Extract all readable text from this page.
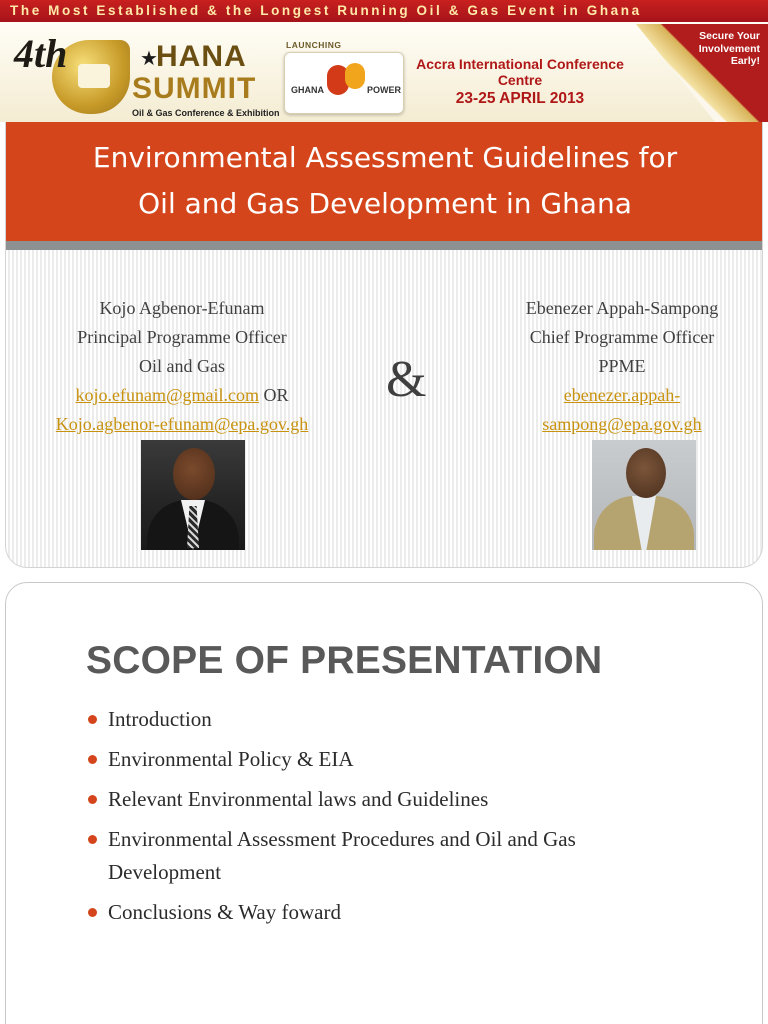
The Most Established & the Longest Running Oil & Gas Event in Ghana
4th	★
HANA
SUMMIT
Oil & Gas Conference & Exhibition
LAUNCHING
GHANA	POWER
Accra International Conference Centre
23-25 APRIL 2013
Secure Your
Involvement
Early!
Environmental Assessment Guidelines for
Oil and Gas Development in Ghana
Kojo Agbenor-Efunam
Principal Programme Officer
Oil and Gas
kojo.efunam@gmail.com OR
Kojo.agbenor-efunam@epa.gov.gh
&
Ebenezer Appah-Sampong
Chief Programme Officer
PPME
ebenezer.appah-
sampong@epa.gov.gh
SCOPE OF PRESENTATION
Introduction
Environmental Policy & EIA
Relevant Environmental laws and Guidelines
Environmental Assessment Procedures and Oil and Gas Development
Conclusions & Way foward
